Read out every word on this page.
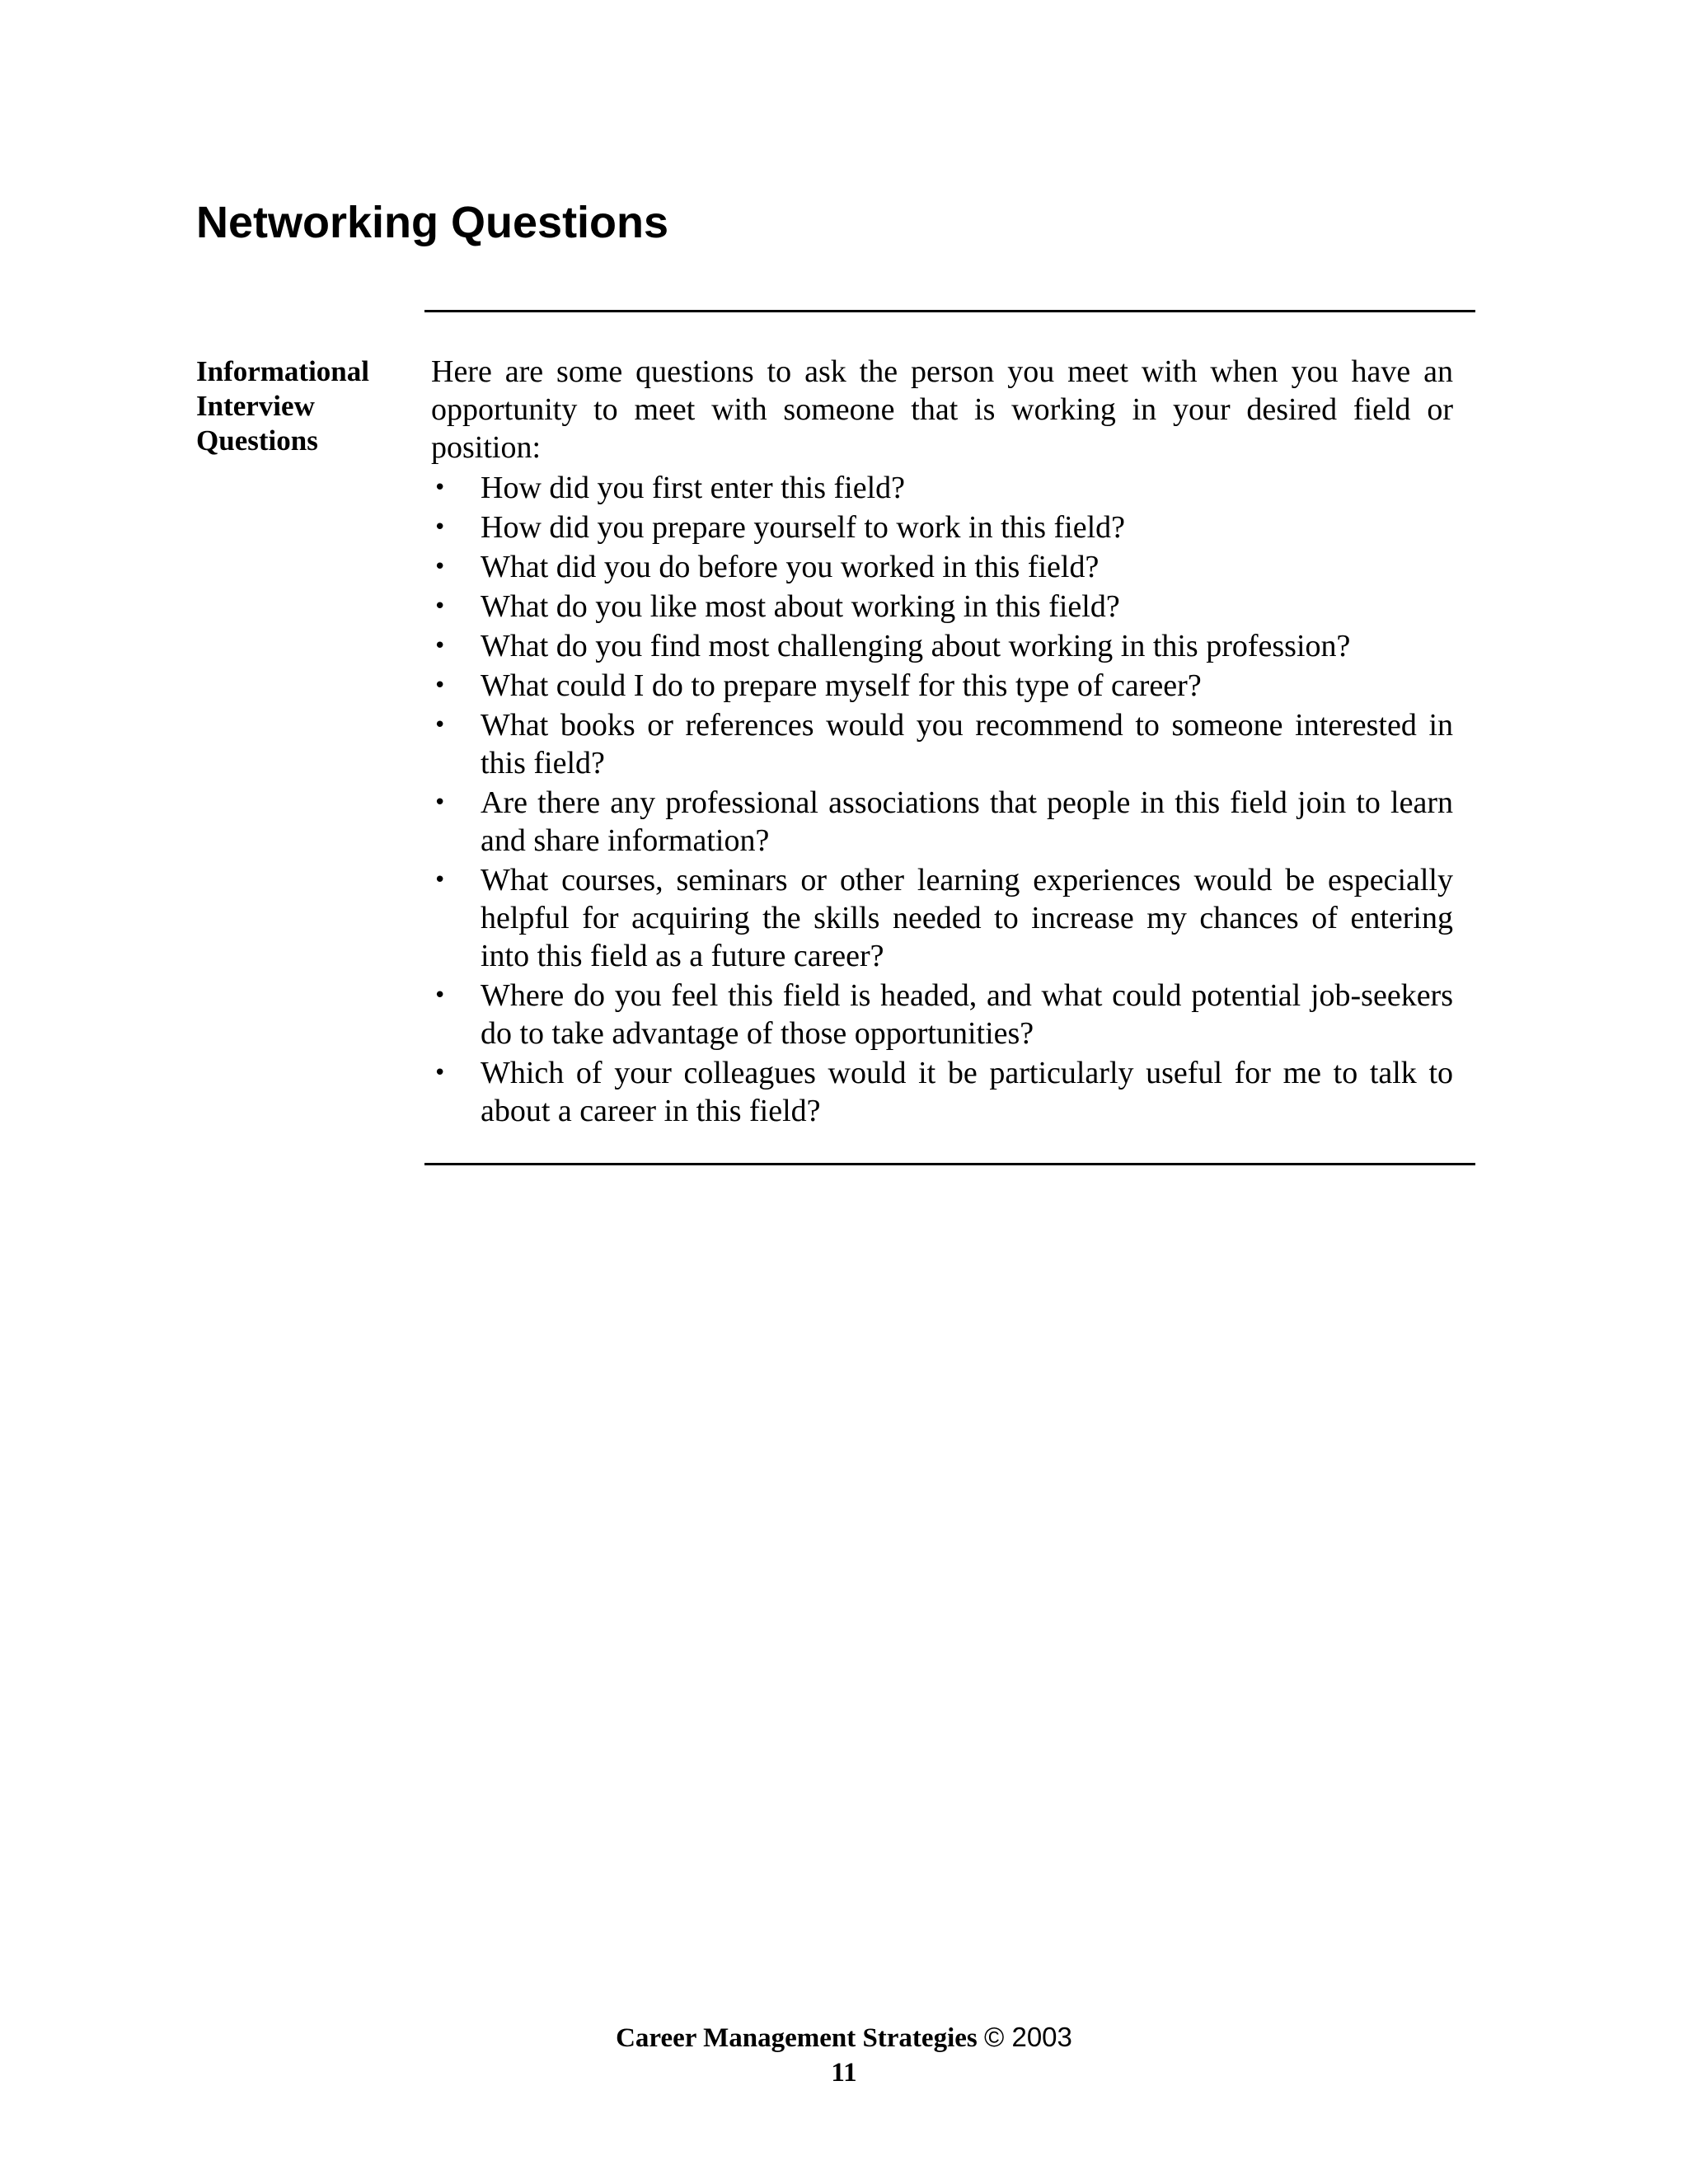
Networking Questions
Informational
Interview
Questions

Here are some questions to ask the person you meet with when you have an opportunity to meet with someone that is working in your desired field or position:

• How did you first enter this field?
• How did you prepare yourself to work in this field?
• What did you do before you worked in this field?
• What do you like most about working in this field?
• What do you find most challenging about working in this profession?
• What could I do to prepare myself for this type of career?
• What books or references would you recommend to someone interested in this field?
• Are there any professional associations that people in this field join to learn and share information?
• What courses, seminars or other learning experiences would be especially helpful for acquiring the skills needed to increase my chances of entering into this field as a future career?
• Where do you feel this field is headed, and what could potential job-seekers do to take advantage of those opportunities?
• Which of your colleagues would it be particularly useful for me to talk to about a career in this field?
Career Management Strategies © 2003
11
